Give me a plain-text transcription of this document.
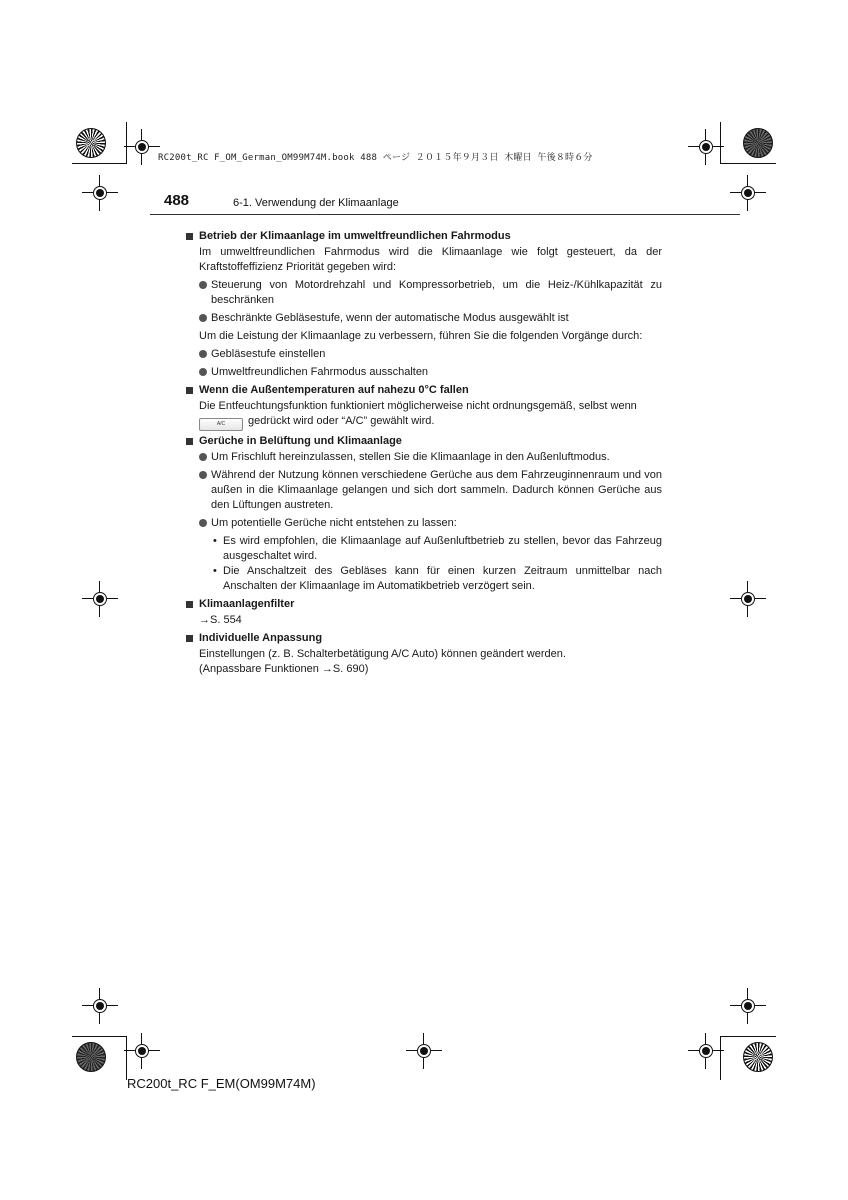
RC200t_RC F_OM_German_OM99M74M.book 488 ページ ２０１５年９月３日 木曜日 午後８時６分
488	6-1. Verwendung der Klimaanlage
Betrieb der Klimaanlage im umweltfreundlichen Fahrmodus
Im umweltfreundlichen Fahrmodus wird die Klimaanlage wie folgt gesteuert, da der Kraftstoffeffizienz Priorität gegeben wird:
Steuerung von Motordrehzahl und Kompressorbetrieb, um die Heiz-/Kühlkapazität zu beschränken
Beschränkte Gebläsestufe, wenn der automatische Modus ausgewählt ist
Um die Leistung der Klimaanlage zu verbessern, führen Sie die folgenden Vorgänge durch:
Gebläsestufe einstellen
Umweltfreundlichen Fahrmodus ausschalten
Wenn die Außentemperaturen auf nahezu 0°C fallen
Die Entfeuchtungsfunktion funktioniert möglicherweise nicht ordnungsgemäß, selbst wenn
A/C gedrückt wird oder “A/C” gewählt wird.
Gerüche in Belüftung und Klimaanlage
Um Frischluft hereinzulassen, stellen Sie die Klimaanlage in den Außenluftmodus.
Während der Nutzung können verschiedene Gerüche aus dem Fahrzeuginnenraum und von außen in die Klimaanlage gelangen und sich dort sammeln. Dadurch können Gerüche aus den Lüftungen austreten.
Um potentielle Gerüche nicht entstehen zu lassen:
• Es wird empfohlen, die Klimaanlage auf Außenluftbetrieb zu stellen, bevor das Fahrzeug ausgeschaltet wird.
• Die Anschaltzeit des Gebläses kann für einen kurzen Zeitraum unmittelbar nach Anschalten der Klimaanlage im Automatikbetrieb verzögert sein.
Klimaanlagenfilter
→S. 554
Individuelle Anpassung
Einstellungen (z. B. Schalterbetätigung A/C Auto) können geändert werden.
(Anpassbare Funktionen →S. 690)
RC200t_RC F_EM(OM99M74M)
